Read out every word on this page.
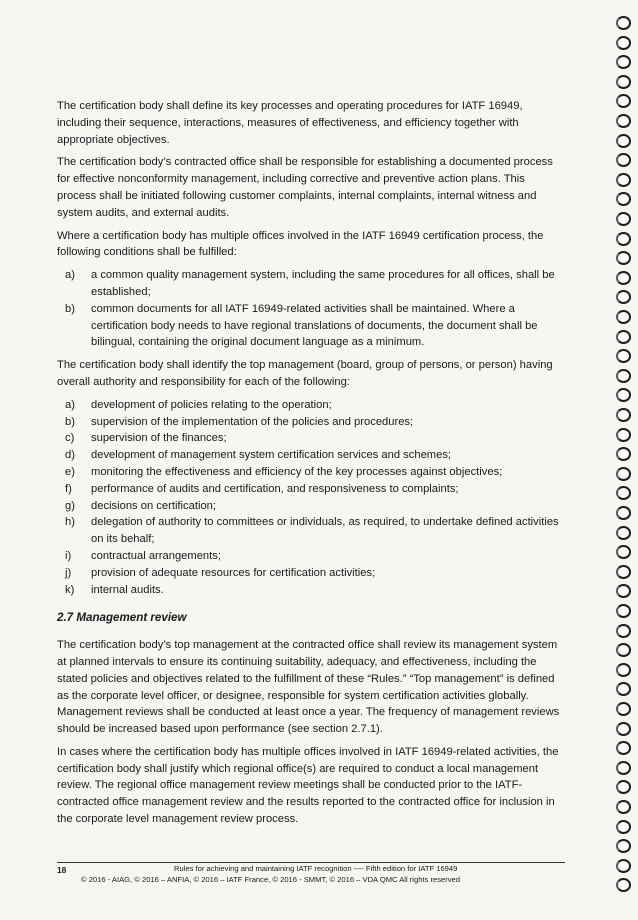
The certification body shall define its key processes and operating procedures for IATF 16949, including their sequence, interactions, measures of effectiveness, and efficiency together with appropriate objectives.

The certification body’s contracted office shall be responsible for establishing a documented process for effective nonconformity management, including corrective and preventive action plans. This process shall be initiated following customer complaints, internal complaints, internal witness and system audits, and external audits.

Where a certification body has multiple offices involved in the IATF 16949 certification process, the following conditions shall be fulfilled:

a)	a common quality management system, including the same procedures for all offices, shall be established;
b)	common documents for all IATF 16949-related activities shall be maintained. Where a certification body needs to have regional translations of documents, the document shall be bilingual, containing the original document language as a minimum.

The certification body shall identify the top management (board, group of persons, or person) having overall authority and responsibility for each of the following:

a)	development of policies relating to the operation;
b)	supervision of the implementation of the policies and procedures;
c)	supervision of the finances;
d)	development of management system certification services and schemes;
e)	monitoring the effectiveness and efficiency of the key processes against objectives;
f)	performance of audits and certification, and responsiveness to complaints;
g)	decisions on certification;
h)	delegation of authority to committees or individuals, as required, to undertake defined activities on its behalf;
i)	contractual arrangements;
j)	provision of adequate resources for certification activities;
k)	internal audits.
2.7 Management review

The certification body’s top management at the contracted office shall review its management system at planned intervals to ensure its continuing suitability, adequacy, and effectiveness, including the stated policies and objectives related to the fulfillment of these “Rules.” “Top management” is defined as the corporate level officer, or designee, responsible for system certification activities globally. Management reviews shall be conducted at least once a year. The frequency of management reviews should be increased based upon performance (see section 2.7.1).

In cases where the certification body has multiple offices involved in IATF 16949-related activities, the certification body shall justify which regional office(s) are required to conduct a local management review. The regional office management review meetings shall be conducted prior to the IATF-contracted office management review and the results reported to the contracted office for inclusion in the corporate level management review process.

18	Rules for achieving and maintaining IATF recognition ---- Fifth edition for IATF 16949
© 2016 - AIAG, © 2016 – ANFIA, © 2016 – IATF France, © 2016 - SMMT, © 2016 – VDA QMC All rights reserved
